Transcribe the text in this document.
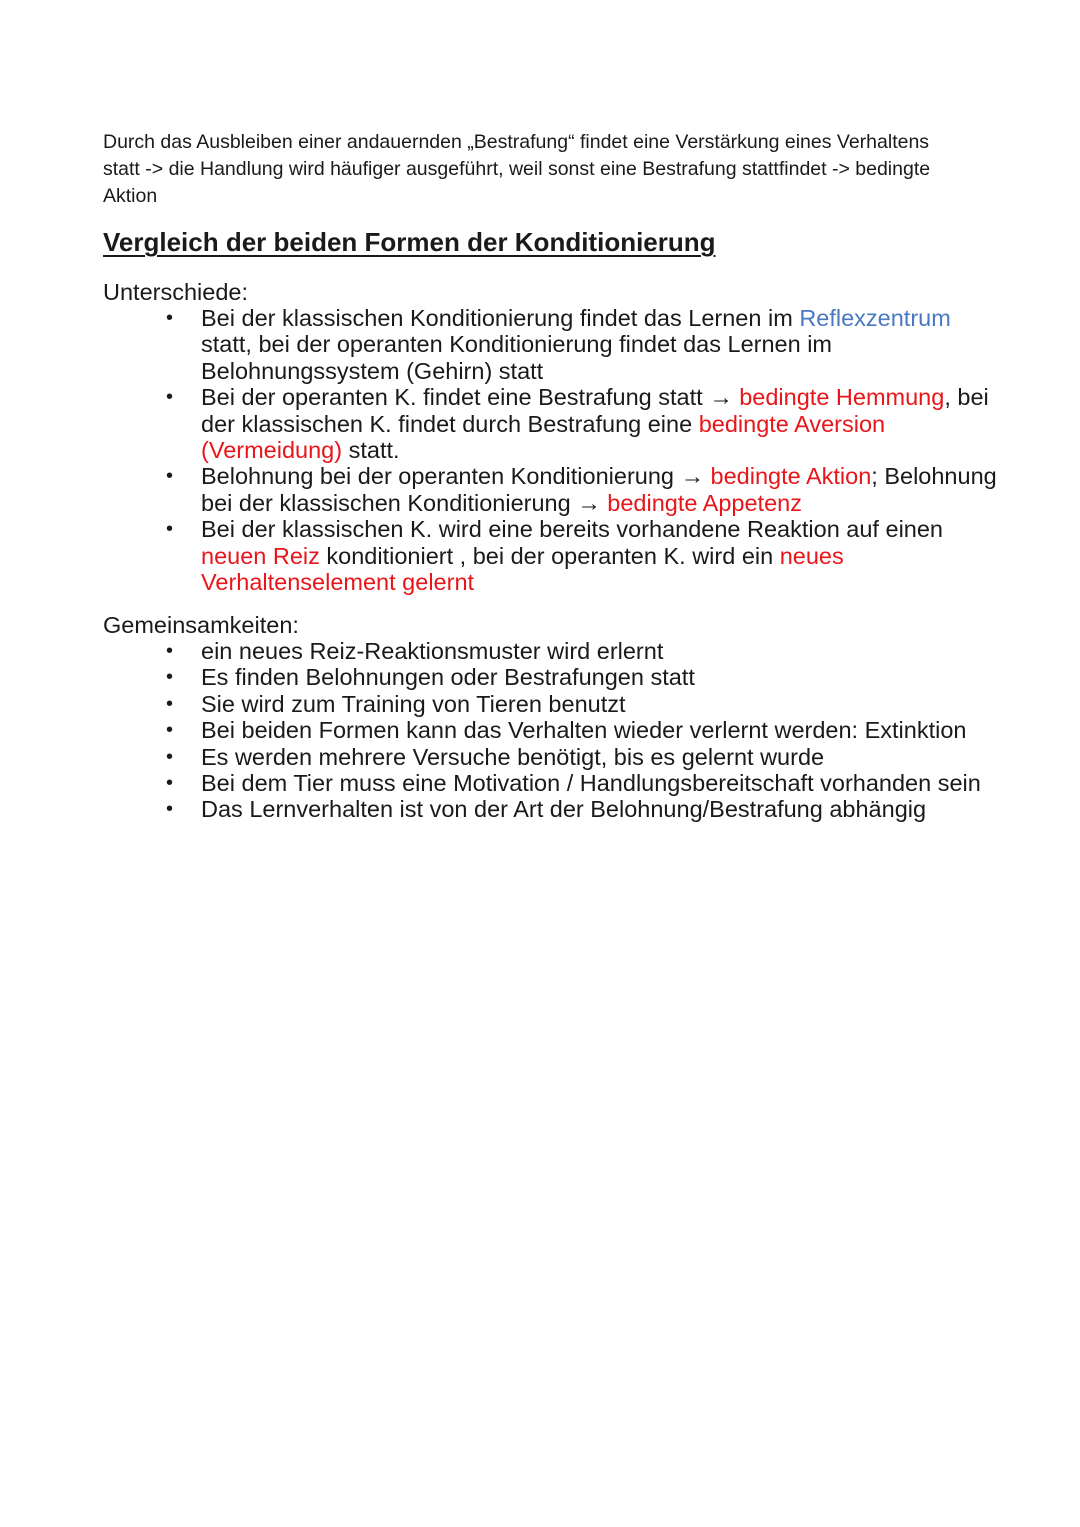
Durch das Ausbleiben einer andauernden „Bestrafung“ findet eine Verstärkung eines Verhaltens statt -> die Handlung wird häufiger ausgeführt, weil sonst eine Bestrafung stattfindet -> bedingte Aktion

Vergleich der beiden Formen der Konditionierung

Unterschiede:

• Bei der klassischen Konditionierung findet das Lernen im Reflexzentrum statt, bei der operanten Konditionierung findet das Lernen im Belohnungssystem (Gehirn) statt
• Bei der operanten K. findet eine Bestrafung statt → bedingte Hemmung, bei der klassischen K. findet durch Bestrafung eine bedingte Aversion (Vermeidung) statt.
• Belohnung bei der operanten Konditionierung → bedingte Aktion; Belohnung bei der klassischen Konditionierung → bedingte Appetenz
• Bei der klassischen K. wird eine bereits vorhandene Reaktion auf einen neuen Reiz konditioniert , bei der operanten K. wird ein neues Verhaltenselement gelernt

Gemeinsamkeiten:

• ein neues Reiz-Reaktionsmuster wird erlernt
• Es finden Belohnungen oder Bestrafungen statt
• Sie wird zum Training von Tieren benutzt
• Bei beiden Formen kann das Verhalten wieder verlernt werden: Extinktion
• Es werden mehrere Versuche benötigt, bis es gelernt wurde
• Bei dem Tier muss eine Motivation / Handlungsbereitschaft vorhanden sein
• Das Lernverhalten ist von der Art der Belohnung/Bestrafung abhängig
